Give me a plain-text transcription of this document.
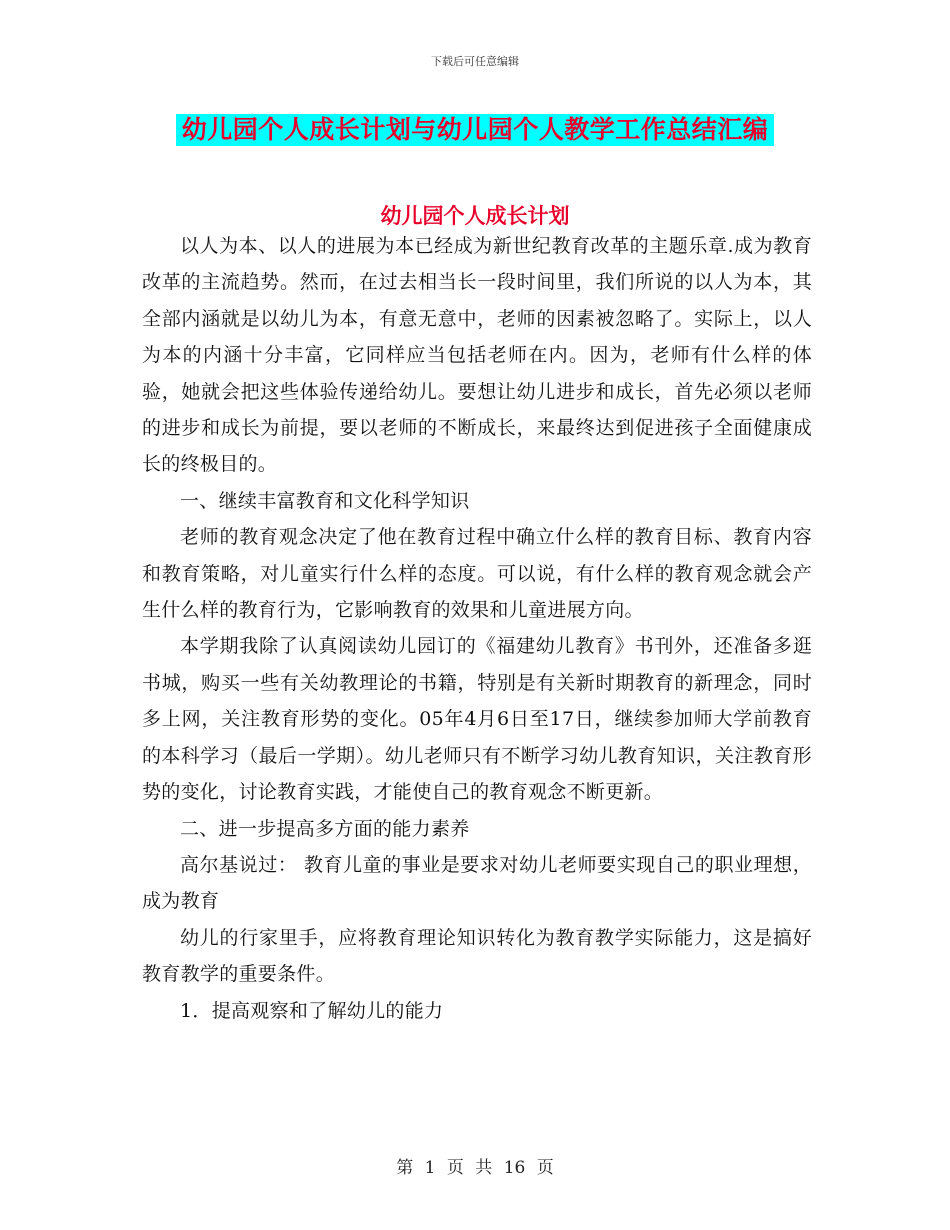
下载后可任意编辑
幼儿园个人成长计划与幼儿园个人教学工作总结汇编
幼儿园个人成长计划

以人为本、以人的进展为本已经成为新世纪教育改革的主题乐章.成为教育改革的主流趋势。然而，在过去相当长一段时间里，我们所说的以人为本，其全部内涵就是以幼儿为本，有意无意中，老师的因素被忽略了。实际上，以人为本的内涵十分丰富，它同样应当包括老师在内。因为，老师有什么样的体验，她就会把这些体验传递给幼儿。要想让幼儿进步和成长，首先必须以老师的进步和成长为前提，要以老师的不断成长，来最终达到促进孩子全面健康成长的终极目的。

一、继续丰富教育和文化科学知识

老师的教育观念决定了他在教育过程中确立什么样的教育目标、教育内容和教育策略，对儿童实行什么样的态度。可以说，有什么样的教育观念就会产生什么样的教育行为，它影响教育的效果和儿童进展方向。

本学期我除了认真阅读幼儿园订的《福建幼儿教育》书刊外，还准备多逛书城，购买一些有关幼教理论的书籍，特别是有关新时期教育的新理念，同时多上网，关注教育形势的变化。05年4月6日至17日，继续参加师大学前教育的本科学习（最后一学期）。幼儿老师只有不断学习幼儿教育知识，关注教育形势的变化，讨论教育实践，才能使自己的教育观念不断更新。

二、进一步提高多方面的能力素养

高尔基说过： 教育儿童的事业是要求对幼儿老师要实现自己的职业理想，成为教育

幼儿的行家里手，应将教育理论知识转化为教育教学实际能力，这是搞好教育教学的重要条件。

1．提高观察和了解幼儿的能力

第 1 页 共 16 页
